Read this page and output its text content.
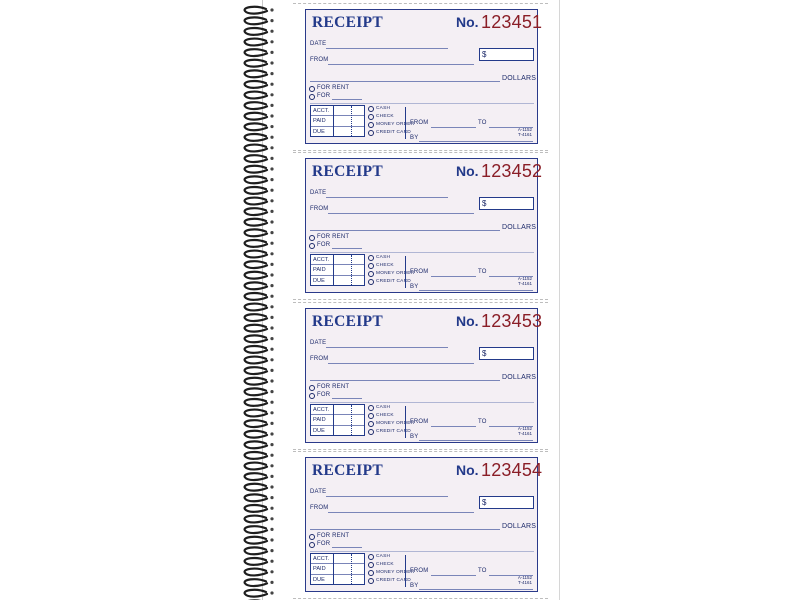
RECEIPT	No. 123451
DATE
FROM
$
DOLLARS
FOR RENT
FOR
ACCT.
PAID
DUE
CASH
CHECK
MONEY ORDER
CREDIT CARD
FROM	TO
BY
A-1152
T-4161
RECEIPT	No. 123452
DATE
FROM
$
DOLLARS
FOR RENT
FOR
ACCT.
PAID
DUE
CASH
CHECK
MONEY ORDER
CREDIT CARD
FROM	TO
BY
A-1152
T-4161
RECEIPT	No. 123453
DATE
FROM
$
DOLLARS
FOR RENT
FOR
ACCT.
PAID
DUE
CASH
CHECK
MONEY ORDER
CREDIT CARD
FROM	TO
BY
A-1152
T-4161
RECEIPT	No. 123454
DATE
FROM
$
DOLLARS
FOR RENT
FOR
ACCT.
PAID
DUE
CASH
CHECK
MONEY ORDER
CREDIT CARD
FROM	TO
BY
A-1152
T-4161
